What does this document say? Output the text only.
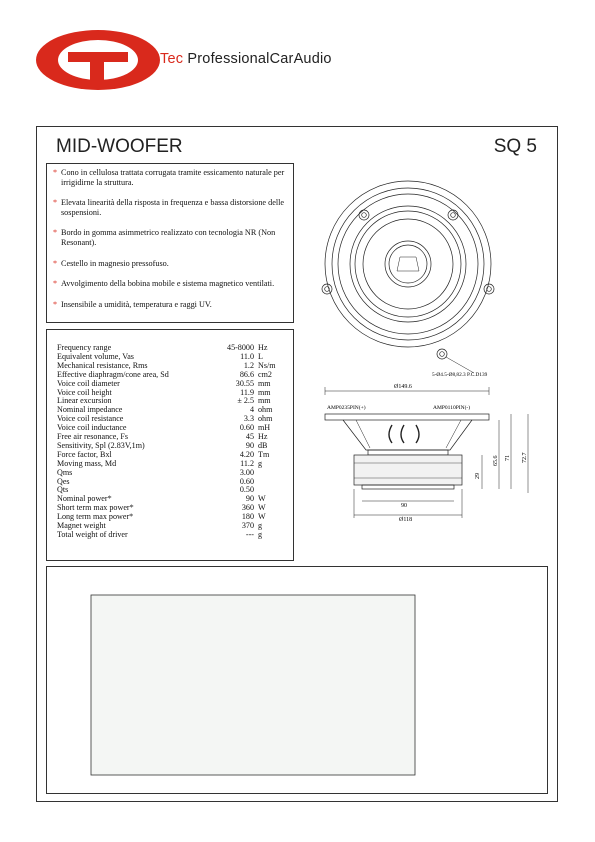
Tec ProfessionalCarAudio
MID-WOOFER	SQ 5
* Cono in cellulosa trattata corrugata tramite essicamento naturale per irrigidirne la struttura.
* Elevata linearità della risposta in frequenza e bassa distorsione delle sospensioni.
* Bordo in gomma asimmetrico realizzato con tecnologia NR (Non Resonant).
* Cestello in magnesio pressofuso.
* Avvolgimento della bobina mobile e sistema magnetico ventilati.
* Insensibile a umidità, temperatura e raggi UV.
Frequency range	45-8000 Hz
Equivalent volume, Vas	11.0 L
Mechanical resistance, Rms	1.2 Ns/m
Effective diaphragm/cone area, Sd	86.6 cm2
Voice coil diameter	30.55 mm
Voice coil height	11.9 mm
Linear excursion	± 2.5 mm
Nominal impedance	4 ohm
Voice coil resistance	3.3 ohm
Voice coil inductance	0.60 mH
Free air resonance, Fs	45 Hz
Sensitivity, Spl (2.83V,1m)	90 dB
Force factor, Bxl	4.20 Tm
Moving mass, Md	11.2 g
Qms	3.00
Qes	0.60
Qts	0.50
Nominal power*	90 W
Short term max power*	360 W
Long term max power*	180 W
Magnet weight	370 g
Total weight of driver	--- g
5-Ø4.5-Ø8,82.3 P.C.D139
Ø149.6
AMP0235PIN(+)	AMP0110PIN(-)
90
Ø118
29
65.6 71 72.7
